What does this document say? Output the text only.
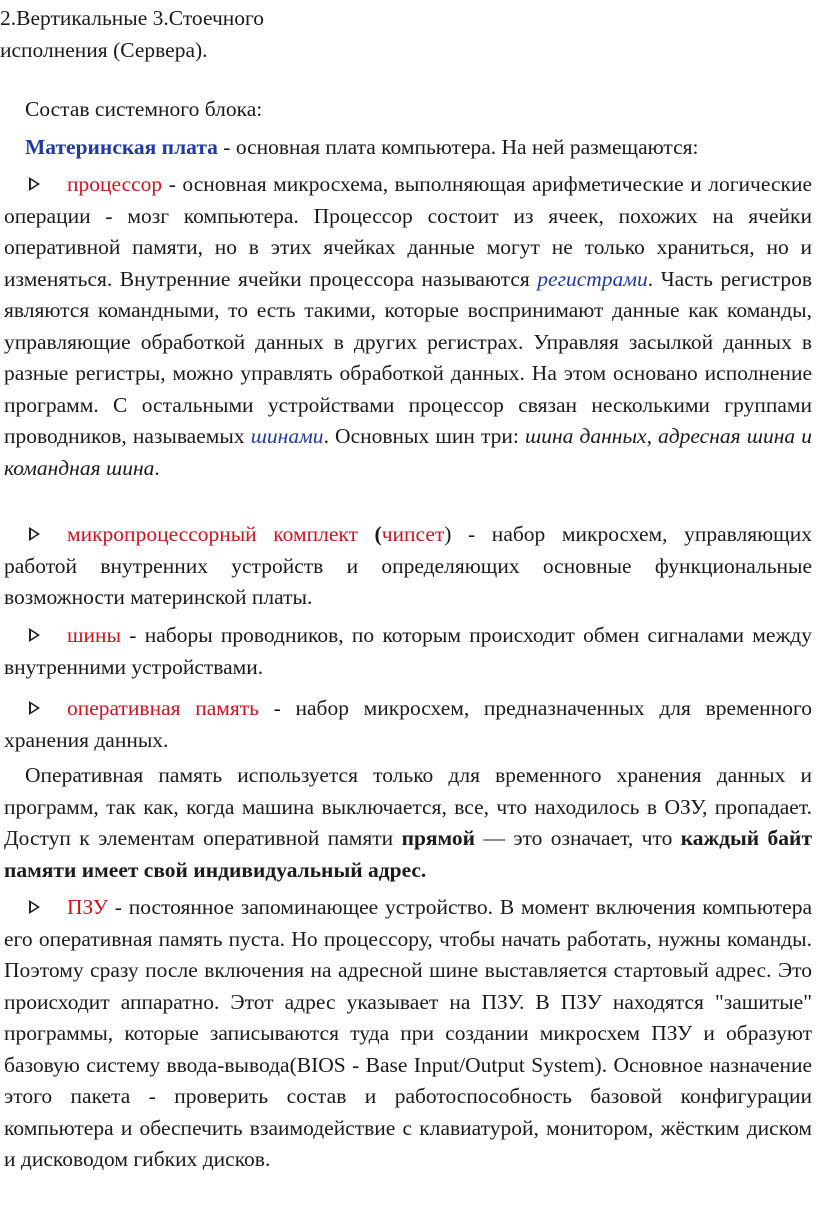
2.Вертикальные 3.Стоечного
исполнения (Сервера).

Состав системного блока:

Материнская плата - основная плата компьютера. На ней размещаются:

процессор - основная микросхема, выполняющая арифметические и логические операции - мозг компьютера. Процессор состоит из ячеек, похожих на ячейки оперативной памяти, но в этих ячейках данные могут не только храниться, но и изменяться. Внутренние ячейки процессора называются регистрами. Часть регистров являются командными, то есть такими, которые воспринимают данные как команды, управляющие обработкой данных в других регистрах. Управляя засылкой данных в разные регистры, можно управлять обработкой данных. На этом основано исполнение программ. С остальными устройствами процессор связан несколькими группами проводников, называемых шинами. Основных шин три: шина данных, адресная шина и командная шина.

микропроцессорный комплект (чипсет) - набор микросхем, управляющих работой внутренних устройств и определяющих основные функциональные возможности материнской платы.

шины - наборы проводников, по которым происходит обмен сигналами между внутренними устройствами.

оперативная память - набор микросхем, предназначенных для временного хранения данных.

Оперативная память используется только для временного хранения данных и программ, так как, когда машина выключается, все, что находилось в ОЗУ, пропадает. Доступ к элементам оперативной памяти прямой — это означает, что каждый байт памяти имеет свой индивидуальный адрес.

ПЗУ - постоянное запоминающее устройство. В момент включения компьютера его оперативная память пуста. Но процессору, чтобы начать работать, нужны команды. Поэтому сразу после включения на адресной шине выставляется стартовый адрес. Это происходит аппаратно. Этот адрес указывает на ПЗУ. В ПЗУ находятся "зашитые" программы, которые записываются туда при создании микросхем ПЗУ и образуют базовую систему ввода-вывода(BIOS - Base Input/Output System). Основное назначение этого пакета - проверить состав и работоспособность базовой конфигурации компьютера и обеспечить взаимодействие с клавиатурой, монитором, жёстким диском и дисководом гибких дисков.
